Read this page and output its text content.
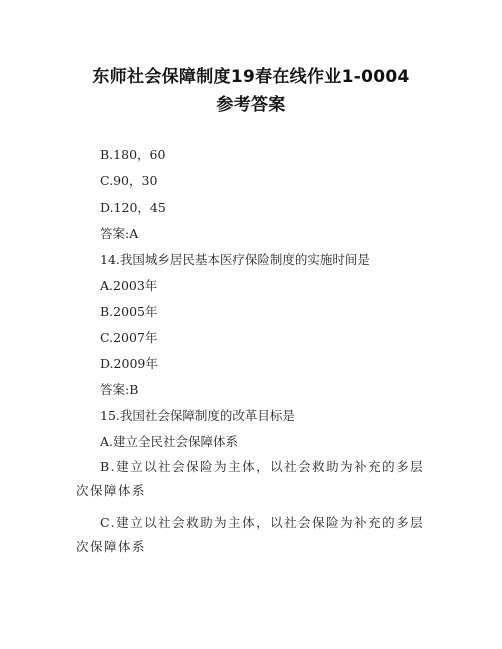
东师社会保障制度19春在线作业1-0004
参考答案
B.180，60
C.90，30
D.120，45
答案:A
14.我国城乡居民基本医疗保险制度的实施时间是
A.2003年
B.2005年
C.2007年
D.2009年
答案:B
15.我国社会保障制度的改革目标是
A.建立全民社会保障体系
B.建立以社会保险为主体，以社会救助为补充的多层次保障体系
C.建立以社会救助为主体，以社会保险为补充的多层次保障体系
